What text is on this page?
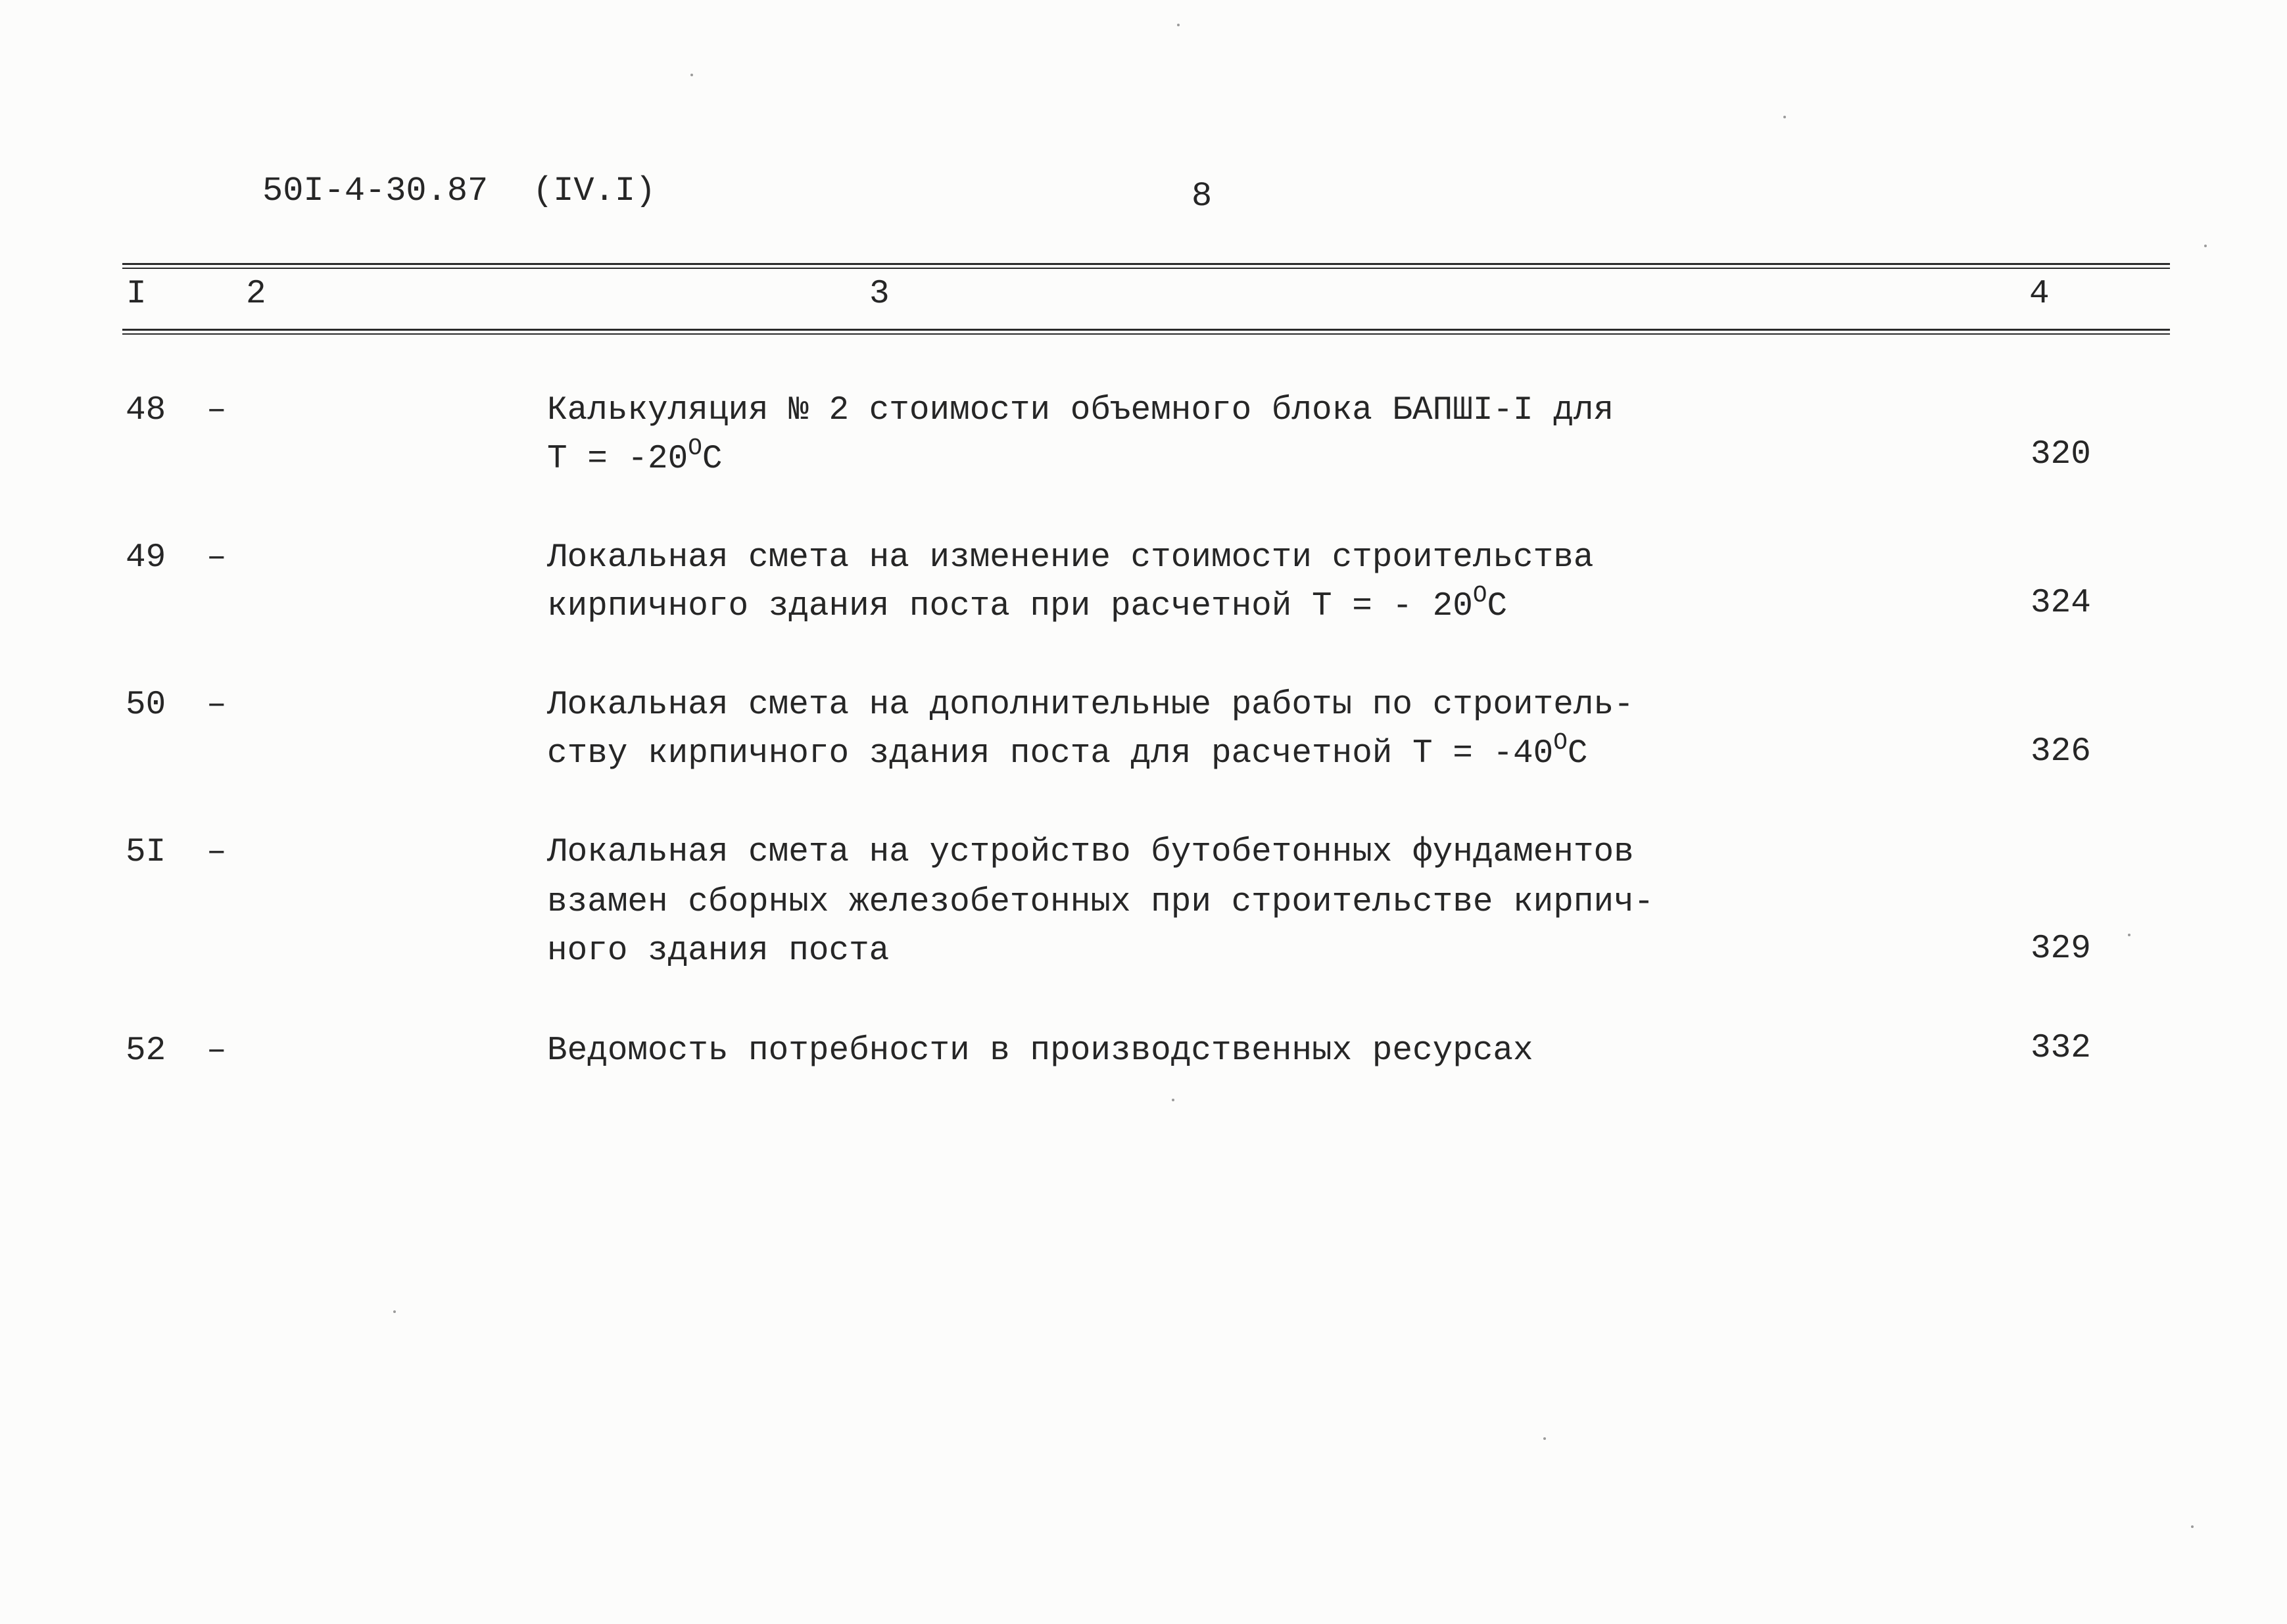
50I-4-30.87 (IV.I)	8
I	2	3	4
48 –	Калькуляция № 2 стоимости объемного блока БАПШI-I для
$Т = -20^ОС$	320
49 –	Локальная смета на изменение стоимости строительства
кирпичного здания поста при расчетной Т = - $20^ОС$	324
50 –	Локальная смета на дополнительные работы по строитель-
ству кирпичного здания поста для расчетной $Т = -40^ОС$	326
5I –	Локальная смета на устройство бутобетонных фундаментов
взамен сборных железобетонных при строительстве кирпич-
ного здания поста	329
52 –	Ведомость потребности в производственных ресурсах	332
